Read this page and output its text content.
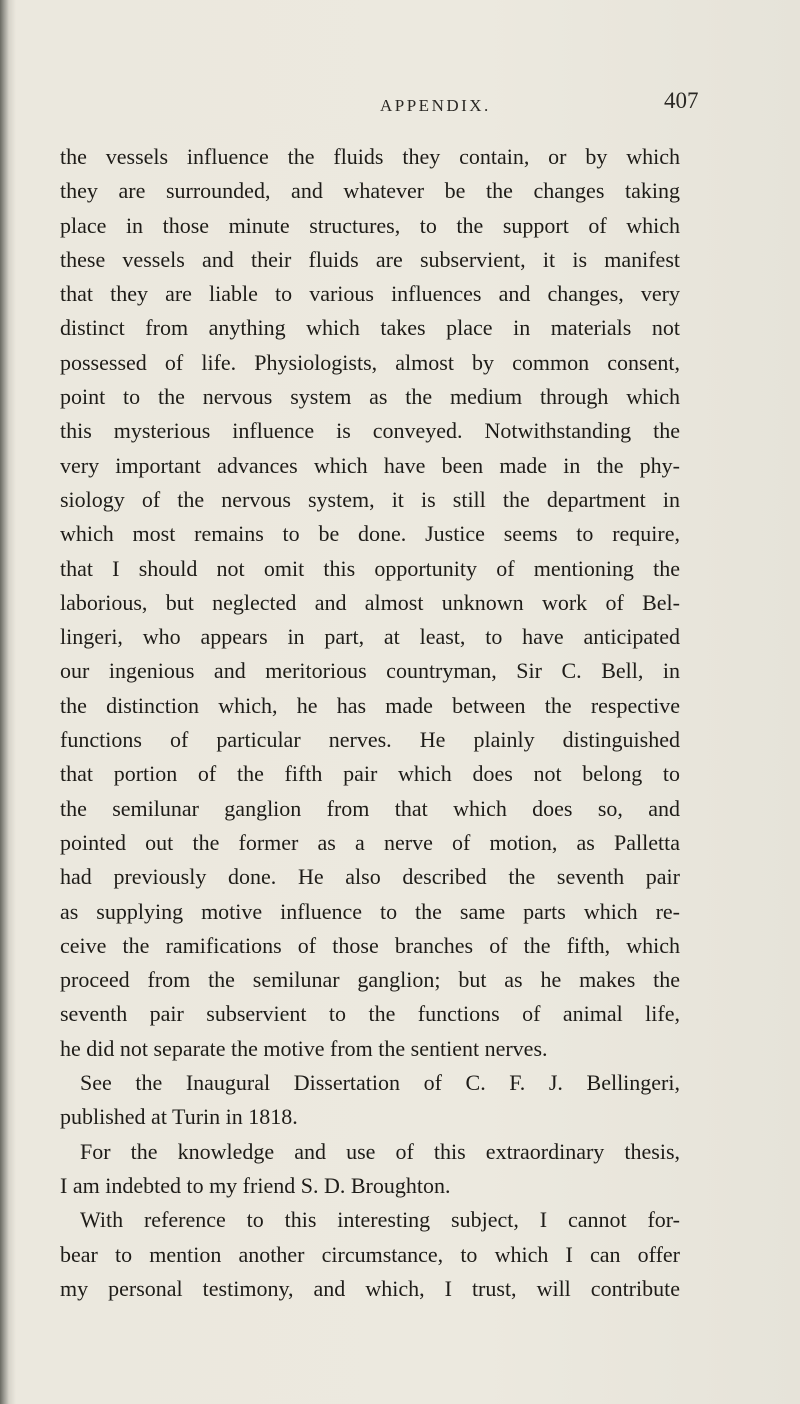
APPENDIX.	407
the vessels influence the fluids they contain, or by which
they are surrounded, and whatever be the changes taking
place in those minute structures, to the support of which
these vessels and their fluids are subservient, it is manifest
that they are liable to various influences and changes, very
distinct from anything which takes place in materials not
possessed of life. Physiologists, almost by common consent,
point to the nervous system as the medium through which
this mysterious influence is conveyed. Notwithstanding the
very important advances which have been made in the phy-
siology of the nervous system, it is still the department in
which most remains to be done. Justice seems to require,
that I should not omit this opportunity of mentioning the
laborious, but neglected and almost unknown work of Bel-
lingeri, who appears in part, at least, to have anticipated
our ingenious and meritorious countryman, Sir C. Bell, in
the distinction which, he has made between the respective
functions of particular nerves. He plainly distinguished
that portion of the fifth pair which does not belong to
the semilunar ganglion from that which does so, and
pointed out the former as a nerve of motion, as Palletta
had previously done. He also described the seventh pair
as supplying motive influence to the same parts which re-
ceive the ramifications of those branches of the fifth, which
proceed from the semilunar ganglion; but as he makes the
seventh pair subservient to the functions of animal life,
he did not separate the motive from the sentient nerves.
See the Inaugural Dissertation of C. F. J. Bellingeri,
published at Turin in 1818.
For the knowledge and use of this extraordinary thesis,
I am indebted to my friend S. D. Broughton.
With reference to this interesting subject, I cannot for-
bear to mention another circumstance, to which I can offer
my personal testimony, and which, I trust, will contribute
